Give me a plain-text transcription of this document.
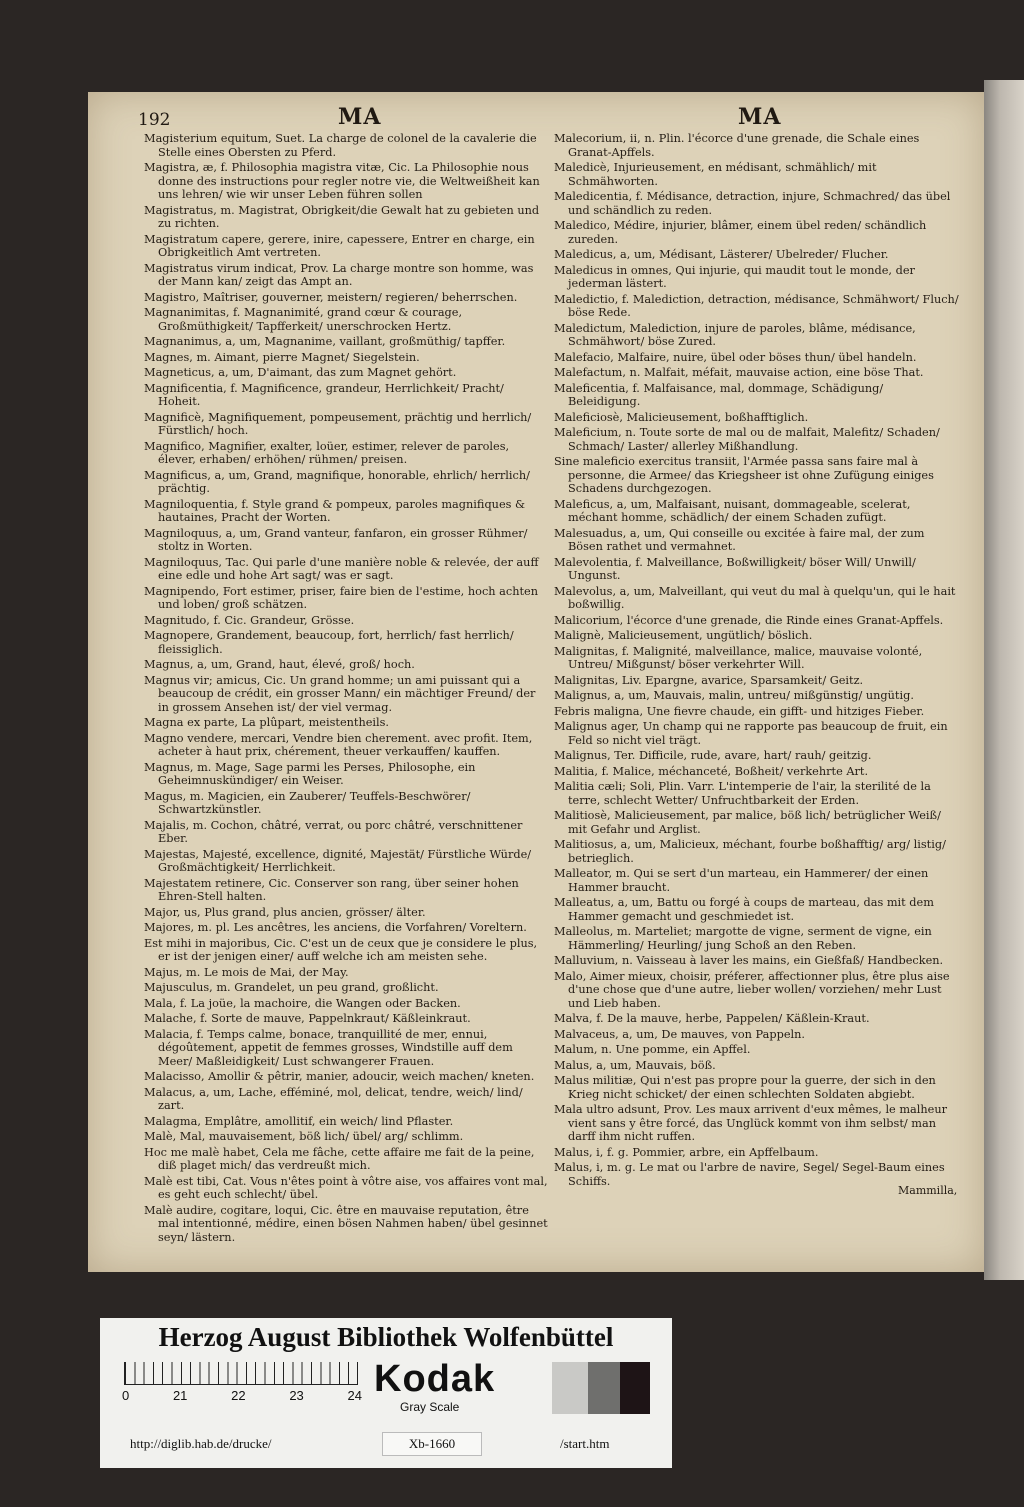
192	MA	MA
Magisterium equitum, Suet. La charge de colonel de la cavalerie die Stelle eines Obersten zu Pferd.
Magistra, æ, f. Philosophia magistra vitæ, Cic. La Philosophie nous donne des instructions pour regler notre vie, die Weltweißheit kan uns lehren/ wie wir unser Leben führen sollen
Magistratus, m. Magistrat, Obrigkeit/die Gewalt hat zu gebieten und zu richten.
Magistratum capere, gerere, inire, capessere, Entrer en charge, ein Obrigkeitlich Amt vertreten.
Magistratus virum indicat, Prov. La charge montre son homme, was der Mann kan/ zeigt das Ampt an.
Magistro, Maîtriser, gouverner, meistern/ regieren/ beherrschen.
Magnanimitas, f. Magnanimité, grand cœur & courage, Großmüthigkeit/ Tapfferkeit/ unerschrocken Hertz.
Magnanimus, a, um, Magnanime, vaillant, großmüthig/ tapffer.
Magnes, m. Aimant, pierre Magnet/ Siegelstein.
Magneticus, a, um, D'aimant, das zum Magnet gehört.
Magnificentia, f. Magnificence, grandeur, Herrlichkeit/ Pracht/ Hoheit.
Magnificè, Magnifiquement, pompeusement, prächtig und herrlich/ Fürstlich/ hoch.
Magnifico, Magnifier, exalter, loüer, estimer, relever de paroles, élever, erhaben/ erhöhen/ rühmen/ preisen.
Magnificus, a, um, Grand, magnifique, honorable, ehrlich/ herrlich/ prächtig.
Magniloquentia, f. Style grand & pompeux, paroles magnifiques & hautaines, Pracht der Worten.
Magniloquus, a, um, Grand vanteur, fanfaron, ein grosser Rühmer/ stoltz in Worten.
Magniloquus, Tac. Qui parle d'une manière noble & relevée, der auff eine edle und hohe Art sagt/ was er sagt.
Magnipendo, Fort estimer, priser, faire bien de l'estime, hoch achten und loben/ groß schätzen.
Magnitudo, f. Cic. Grandeur, Grösse.
Magnopere, Grandement, beaucoup, fort, herrlich/ fast herrlich/ fleissiglich.
Magnus, a, um, Grand, haut, élevé, groß/ hoch.
Magnus vir; amicus, Cic. Un grand homme; un ami puissant qui a beaucoup de crédit, ein grosser Mann/ ein mächtiger Freund/ der in grossem Ansehen ist/ der viel vermag.
Magna ex parte, La plûpart, meistentheils.
Magno vendere, mercari, Vendre bien cherement. avec profit. Item, acheter à haut prix, chérement, theuer verkauffen/ kauffen.
Magnus, m. Mage, Sage parmi les Perses, Philosophe, ein Geheimnuskündiger/ ein Weiser.
Magus, m. Magicien, ein Zauberer/ Teuffels-Beschwörer/ Schwartzkünstler.
Majalis, m. Cochon, châtré, verrat, ou porc châtré, verschnittener Eber.
Majestas, Majesté, excellence, dignité, Majestät/ Fürstliche Würde/ Großmächtigkeit/ Herrlichkeit.
Majestatem retinere, Cic. Conserver son rang, über seiner hohen Ehren-Stell halten.
Major, us, Plus grand, plus ancien, grösser/ älter.
Majores, m. pl. Les ancêtres, les anciens, die Vorfahren/ Voreltern.
Est mihi in majoribus, Cic. C'est un de ceux que je considere le plus, er ist der jenigen einer/ auff welche ich am meisten sehe.
Majus, m. Le mois de Mai, der May.
Majusculus, m. Grandelet, un peu grand, großlicht.
Mala, f. La joüe, la machoire, die Wangen oder Backen.
Malache, f. Sorte de mauve, Pappelnkraut/ Käßleinkraut.
Malacia, f. Temps calme, bonace, tranquillité de mer, ennui, dégoûtement, appetit de femmes grosses, Windstille auff dem Meer/ Maßleidigkeit/ Lust schwangerer Frauen.
Malacisso, Amollir & pêtrir, manier, adoucir, weich machen/ kneten.
Malacus, a, um, Lache, efféminé, mol, delicat, tendre, weich/ lind/ zart.
Malagma, Emplâtre, amollitif, ein weich/ lind Pflaster.
Malè, Mal, mauvaisement, böß lich/ übel/ arg/ schlimm.
Hoc me malè habet, Cela me fâche, cette affaire me fait de la peine, diß plaget mich/ das verdreußt mich.
Malè est tibi, Cat. Vous n'êtes point à vôtre aise, vos affaires vont mal, es geht euch schlecht/ übel.
Malè audire, cogitare, loqui, Cic. être en mauvaise reputation, être mal intentionné, médire, einen bösen Nahmen haben/ übel gesinnet seyn/ lästern.
Malecorium, ii, n. Plin. l'écorce d'une grenade, die Schale eines Granat-Apffels.
Maledicè, Injurieusement, en médisant, schmählich/ mit Schmähworten.
Maledicentia, f. Médisance, detraction, injure, Schmachred/ das übel und schändlich zu reden.
Maledico, Médire, injurier, blâmer, einem übel reden/ schändlich zureden.
Maledicus, a, um, Médisant, Lästerer/ Ubelreder/ Flucher.
Maledicus in omnes, Qui injurie, qui maudit tout le monde, der jederman lästert.
Maledictio, f. Malediction, detraction, médisance, Schmähwort/ Fluch/ böse Rede.
Maledictum, Malediction, injure de paroles, blâme, médisance, Schmähwort/ böse Zured.
Malefacio, Malfaire, nuire, übel oder böses thun/ übel handeln.
Malefactum, n. Malfait, méfait, mauvaise action, eine böse That.
Maleficentia, f. Malfaisance, mal, dommage, Schädigung/ Beleidigung.
Maleficiosè, Malicieusement, boßhafftiglich.
Maleficium, n. Toute sorte de mal ou de malfait, Malefitz/ Schaden/ Schmach/ Laster/ allerley Mißhandlung.
Sine maleficio exercitus transiit, l'Armée passa sans faire mal à personne, die Armee/ das Kriegsheer ist ohne Zufügung einiges Schadens durchgezogen.
Maleficus, a, um, Malfaisant, nuisant, dommageable, scelerat, méchant homme, schädlich/ der einem Schaden zufügt.
Malesuadus, a, um, Qui conseille ou excitée à faire mal, der zum Bösen rathet und vermahnet.
Malevolentia, f. Malveillance, Boßwilligkeit/ böser Will/ Unwill/ Ungunst.
Malevolus, a, um, Malveillant, qui veut du mal à quelqu'un, qui le hait boßwillig.
Malicorium, l'écorce d'une grenade, die Rinde eines Granat-Apffels.
Malignè, Malicieusement, ungütlich/ böslich.
Malignitas, f. Malignité, malveillance, malice, mauvaise volonté, Untreu/ Mißgunst/ böser verkehrter Will.
Malignitas, Liv. Epargne, avarice, Sparsamkeit/ Geitz.
Malignus, a, um, Mauvais, malin, untreu/ mißgünstig/ ungütig.
Febris maligna, Une fievre chaude, ein gifft- und hitziges Fieber.
Malignus ager, Un champ qui ne rapporte pas beaucoup de fruit, ein Feld so nicht viel trägt.
Malignus, Ter. Difficile, rude, avare, hart/ rauh/ geitzig.
Malitia, f. Malice, méchanceté, Boßheit/ verkehrte Art.
Malitia cæli; Soli, Plin. Varr. L'intemperie de l'air, la sterilité de la terre, schlecht Wetter/ Unfruchtbarkeit der Erden.
Malitiosè, Malicieusement, par malice, böß lich/ betrüglicher Weiß/ mit Gefahr und Arglist.
Malitiosus, a, um, Malicieux, méchant, fourbe boßhafftig/ arg/ listig/ betrieglich.
Malleator, m. Qui se sert d'un marteau, ein Hammerer/ der einen Hammer braucht.
Malleatus, a, um, Battu ou forgé à coups de marteau, das mit dem Hammer gemacht und geschmiedet ist.
Malleolus, m. Marteliet; margotte de vigne, serment de vigne, ein Hämmerling/ Heurling/ jung Schoß an den Reben.
Malluvium, n. Vaisseau à laver les mains, ein Gießfaß/ Handbecken.
Malo, Aimer mieux, choisir, préferer, affectionner plus, être plus aise d'une chose que d'une autre, lieber wollen/ vorziehen/ mehr Lust und Lieb haben.
Malva, f. De la mauve, herbe, Pappelen/ Käßlein-Kraut.
Malvaceus, a, um, De mauves, von Pappeln.
Malum, n. Une pomme, ein Apffel.
Malus, a, um, Mauvais, böß.
Malus militiæ, Qui n'est pas propre pour la guerre, der sich in den Krieg nicht schicket/ der einen schlechten Soldaten abgiebt.
Mala ultro adsunt, Prov. Les maux arrivent d'eux mêmes, le malheur vient sans y être forcé, das Unglück kommt von ihm selbst/ man darff ihm nicht ruffen.
Malus, i, f. g. Pommier, arbre, ein Apffelbaum.
Malus, i, m. g. Le mat ou l'arbre de navire, Segel/ Segel-Baum eines Schiffs.
Mammilla,
Herzog August Bibliothek Wolfenbüttel
0	21	22	23	24 Kodak
Gray Scale
http://diglib.hab.de/drucke/	Xb-1660	/start.htm
